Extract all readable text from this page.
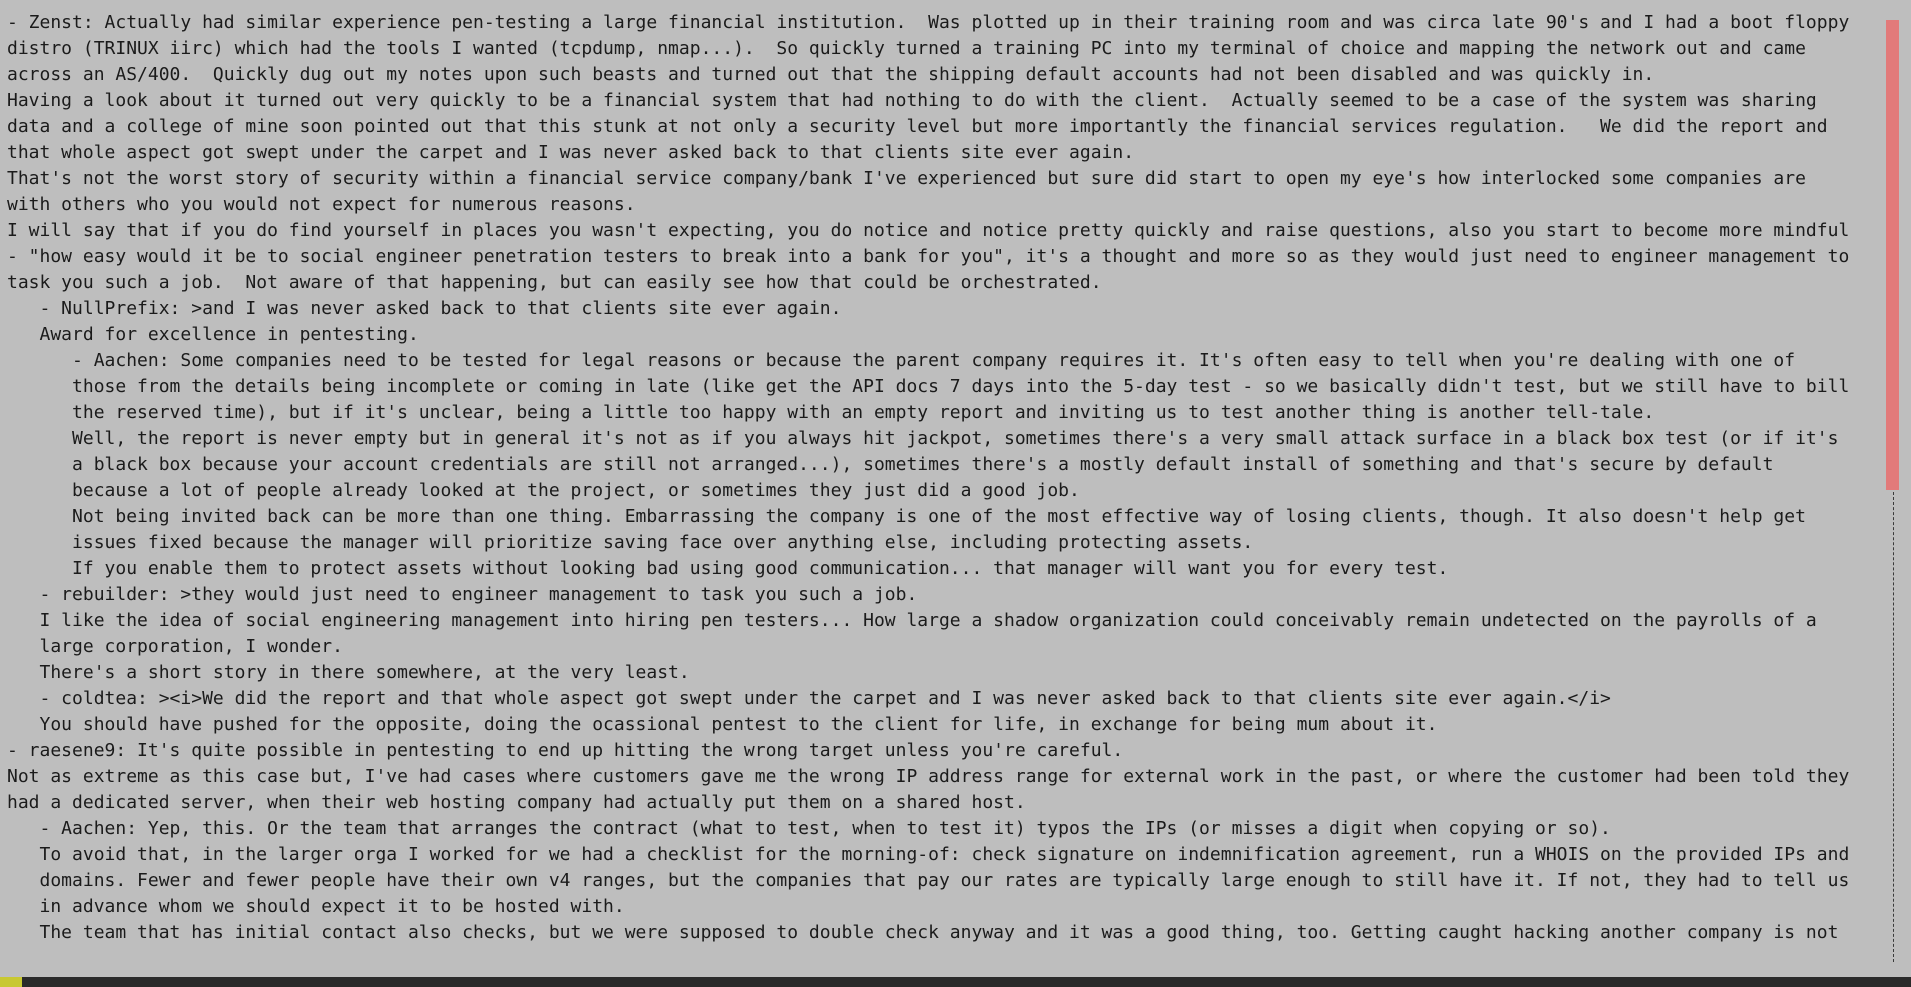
- Zenst: Actually had similar experience pen-testing a large financial institution.  Was plotted up in their training room and was circa late 90's and I had a boot floppy
distro (TRINUX iirc) which had the tools I wanted (tcpdump, nmap...).  So quickly turned a training PC into my terminal of choice and mapping the network out and came
across an AS/400.  Quickly dug out my notes upon such beasts and turned out that the shipping default accounts had not been disabled and was quickly in.
Having a look about it turned out very quickly to be a financial system that had nothing to do with the client.  Actually seemed to be a case of the system was sharing
data and a college of mine soon pointed out that this stunk at not only a security level but more importantly the financial services regulation.   We did the report and
that whole aspect got swept under the carpet and I was never asked back to that clients site ever again.
That's not the worst story of security within a financial service company/bank I've experienced but sure did start to open my eye's how interlocked some companies are
with others who you would not expect for numerous reasons.
I will say that if you do find yourself in places you wasn't expecting, you do notice and notice pretty quickly and raise questions, also you start to become more mindful
- "how easy would it be to social engineer penetration testers to break into a bank for you", it's a thought and more so as they would just need to engineer management to
task you such a job.  Not aware of that happening, but can easily see how that could be orchestrated.
- NullPrefix: >and I was never asked back to that clients site ever again.
Award for excellence in pentesting.
- Aachen: Some companies need to be tested for legal reasons or because the parent company requires it. It's often easy to tell when you're dealing with one of
those from the details being incomplete or coming in late (like get the API docs 7 days into the 5-day test - so we basically didn't test, but we still have to bill
the reserved time), but if it's unclear, being a little too happy with an empty report and inviting us to test another thing is another tell-tale.
Well, the report is never empty but in general it's not as if you always hit jackpot, sometimes there's a very small attack surface in a black box test (or if it's
a black box because your account credentials are still not arranged...), sometimes there's a mostly default install of something and that's secure by default
because a lot of people already looked at the project, or sometimes they just did a good job.
Not being invited back can be more than one thing. Embarrassing the company is one of the most effective way of losing clients, though. It also doesn't help get
issues fixed because the manager will prioritize saving face over anything else, including protecting assets.
If you enable them to protect assets without looking bad using good communication... that manager will want you for every test.
- rebuilder: >they would just need to engineer management to task you such a job.
I like the idea of social engineering management into hiring pen testers... How large a shadow organization could conceivably remain undetected on the payrolls of a
large corporation, I wonder.
There's a short story in there somewhere, at the very least.
- coldtea: ><i>We did the report and that whole aspect got swept under the carpet and I was never asked back to that clients site ever again.</i>
You should have pushed for the opposite, doing the ocassional pentest to the client for life, in exchange for being mum about it.
- raesene9: It's quite possible in pentesting to end up hitting the wrong target unless you're careful.
Not as extreme as this case but, I've had cases where customers gave me the wrong IP address range for external work in the past, or where the customer had been told they
had a dedicated server, when their web hosting company had actually put them on a shared host.
- Aachen: Yep, this. Or the team that arranges the contract (what to test, when to test it) typos the IPs (or misses a digit when copying or so).
To avoid that, in the larger orga I worked for we had a checklist for the morning-of: check signature on indemnification agreement, run a WHOIS on the provided IPs and
domains. Fewer and fewer people have their own v4 ranges, but the companies that pay our rates are typically large enough to still have it. If not, they had to tell us
in advance whom we should expect it to be hosted with.
The team that has initial contact also checks, but we were supposed to double check anyway and it was a good thing, too. Getting caught hacking another company is not
